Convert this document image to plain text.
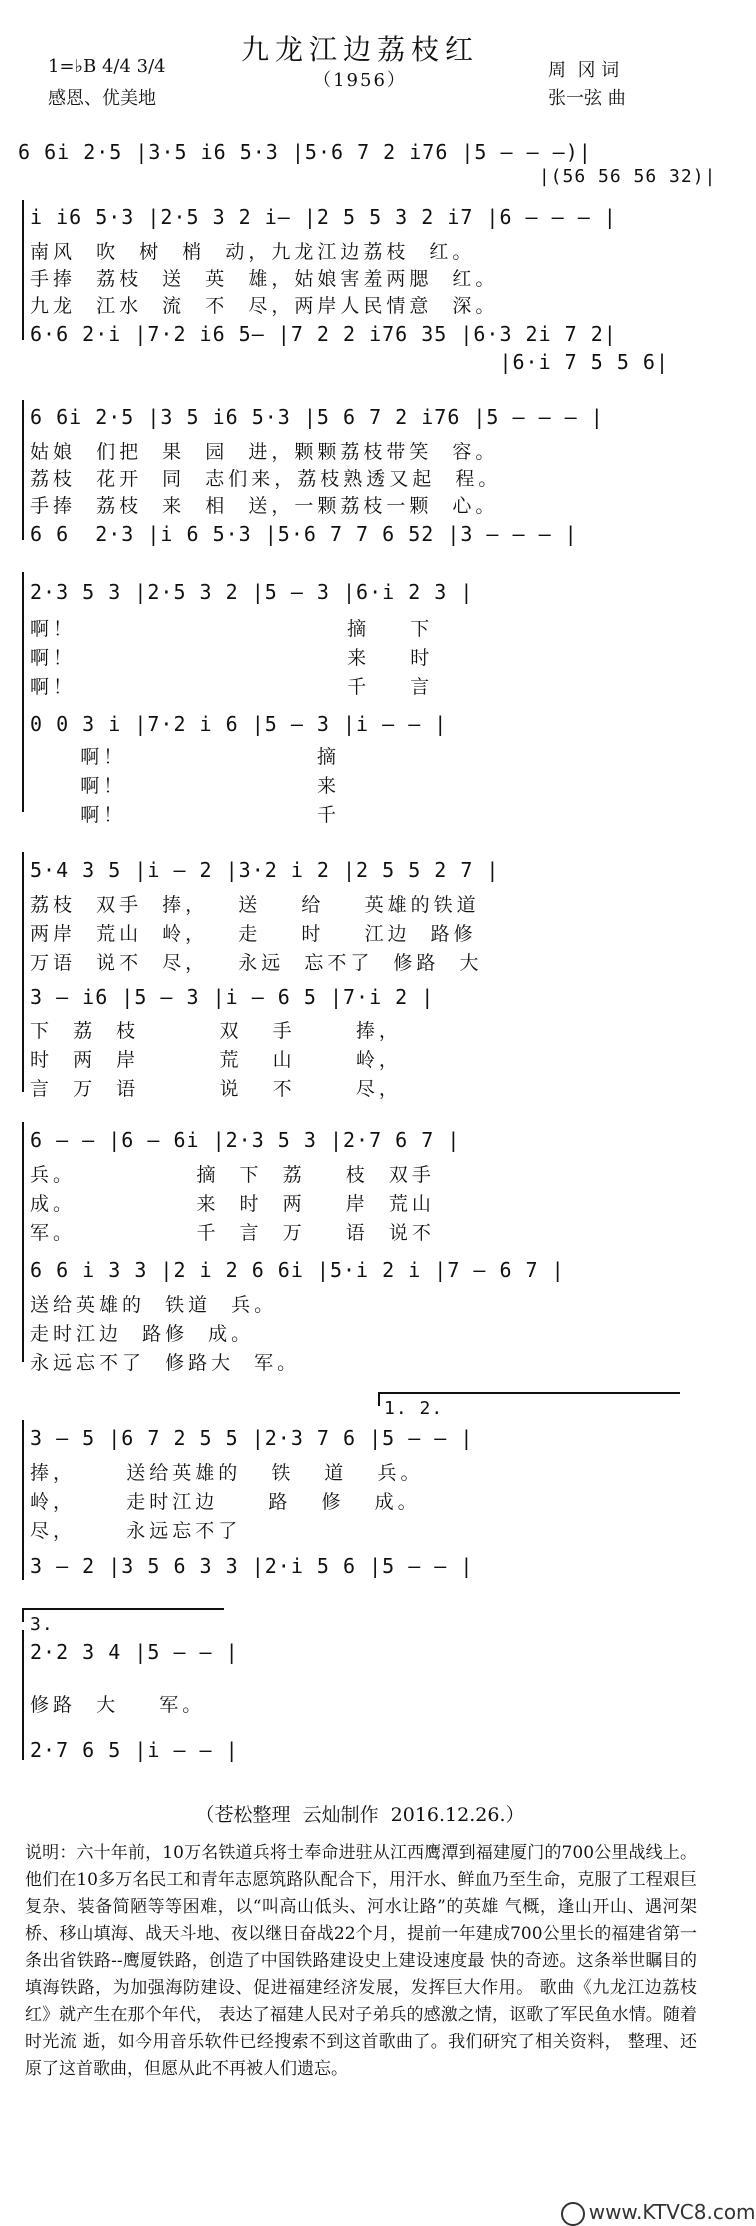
九龙江边荔枝红
（1956）
1=♭B 4/4 3/4
感恩、优美地
周  冈 词
张一弦 曲
6 6i 2·5 |3·5 i6 5·3 |5·6 7 2 i76 |5 — — —)|
|(56 56 56 32)|
i i6 5·3 |2·5 3 2 i— |2 5 5 3 2 i7 |6 — — — |
南风  吹  树  梢  动，九龙江边荔枝  红。
手捧  荔枝  送  英  雄，姑娘害羞两腮  红。
九龙  江水  流  不  尽，两岸人民情意  深。
6·6 2·i |7·2 i6 5— |7 2 2 i76 35 |6·3 2i 7 2|
|6·i 7 5 5 6|
6 6i 2·5 |3 5 i6 5·3 |5 6 7 2 i76 |5 — — — |
姑娘  们把  果  园  进，颗颗荔枝带笑  容。
荔枝  花开  同  志们来，荔枝熟透又起  程。
手捧  荔枝  来  相  送，一颗荔枝一颗  心。
6 6  2·3 |i 6 5·3 |5·6 7 7 6 52 |3 — — — |
2·3 5 3 |2·5 3 2 |5 — 3 |6·i 2 3 |
啊！                           摘    下
啊！                           来    时
啊！                           千    言
0 0 3 i |7·2 i 6 |5 — 3 |i — — |
啊！                   摘
啊！                   来
啊！                   千
5·4 3 5 |i — 2 |3·2 i 2 |2 5 5 2 7 |
荔枝  双手  捧，   送    给    英雄的铁道
两岸  荒山  岭，   走    时    江边  路修
万语  说不  尽，   永远  忘不了  修路  大
3 — i6 |5 — 3 |i — 6 5 |7·i 2 |
下  荔  枝        双   手      捧，
时  两  岸        荒   山      岭，
言  万  语        说   不      尽，
6 — — |6 — 6i |2·3 5 3 |2·7 6 7 |
兵。            摘  下  荔    枝  双手
成。            来  时  两    岸  荒山
军。            千  言  万    语  说不
6 6 i 3 3 |2 i 2 6 6i |5·i 2 i |7 — 6 7 |
送给英雄的  铁道  兵。
走时江边  路修  成。
永远忘不了  修路大  军。
1. 2.
3 — 5 |6 7 2 5 5 |2·3 7 6 |5 — — |
捧，     送给英雄的   铁   道   兵。
岭，     走时江边     路   修   成。
尽，     永远忘不了
3 — 2 |3 5 6 3 3 |2·i 5 6 |5 — — |
3.
2·2 3 4 |5 — — |
修路  大    军。
2·7 6 5 |i — — |
（苍松整理  云灿制作  2016.12.26.）
说明：六十年前，10万名铁道兵将士奉命进驻从江西鹰潭到福建厦门的700公里战线上。他们在10多万名民工和青年志愿筑路队配合下，用汗水、鲜血乃至生命，克服了工程艰巨复杂、装备简陋等等困难，以“叫高山低头、河水让路”的英雄 气概，逢山开山、遇河架桥、移山填海、战天斗地、夜以继日奋战22个月，提前一年建成700公里长的福建省第一条出省铁路--鹰厦铁路，创造了中国铁路建设史上建设速度最 快的奇迹。这条举世瞩目的填海铁路，为加强海防建设、促进福建经济发展，发挥巨大作用。 歌曲《九龙江边荔枝红》就产生在那个年代， 表达了福建人民对子弟兵的感激之情，讴歌了军民鱼水情。随着时光流 逝，如今用音乐软件已经搜索不到这首歌曲了。我们研究了相关资料， 整理、还原了这首歌曲，但愿从此不再被人们遗忘。

www.KTVC8.com
